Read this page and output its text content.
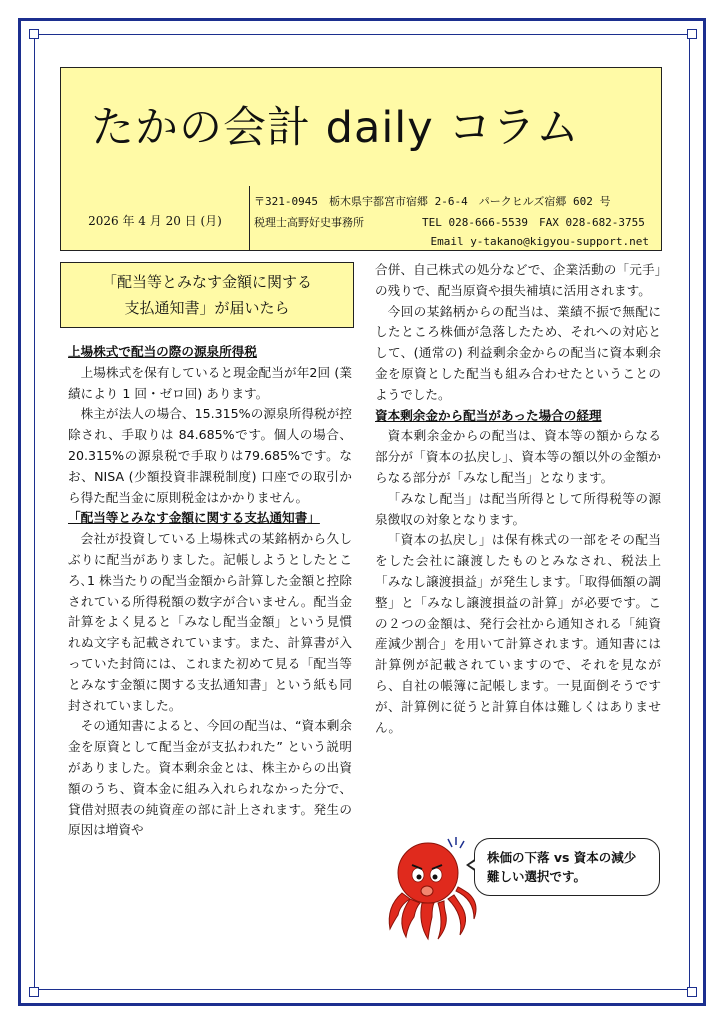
たかの会計 daily コラム
2026 年 4 月 20 日 (月)
〒321-0945　栃木県宇都宮市宿郷 2-6-4　パークヒルズ宿郷 602 号
税理士高野好史事務所	TEL 028-666-5539　FAX 028-682-3755
Email y-takano@kigyou-support.net
「配当等とみなす金額に関する
支払通知書」が届いたら
上場株式で配当の際の源泉所得税

上場株式を保有していると現金配当が年2回 (業績により 1 回・ゼロ回) あります。

株主が法人の場合、15.315%の源泉所得税が控除され、手取りは 84.685%です。個人の場合、20.315%の源泉税で手取りは79.685%です。なお、NISA (少額投資非課税制度) 口座での取引から得た配当金に原則税金はかかりません。

「配当等とみなす金額に関する支払通知書」

会社が投資している上場株式の某銘柄から久しぶりに配当がありました。記帳しようとしたところ､1 株当たりの配当金額から計算した金額と控除されている所得税額の数字が合いません。配当金計算をよく見ると「みなし配当金額」という見慣れぬ文字も記載されています。また、計算書が入っていた封筒には、これまた初めて見る「配当等とみなす金額に関する支払通知書」という紙も同封されていました。

その通知書によると、今回の配当は、“資本剰余金を原資として配当金が支払われた” という説明がありました。資本剰余金とは、株主からの出資額のうち、資本金に組み入れられなかった分で、貸借対照表の純資産の部に計上されます。発生の原因は増資や

合併、自己株式の処分などで、企業活動の「元手」の残りで、配当原資や損失補填に活用されます。

今回の某銘柄からの配当は、業績不振で無配にしたところ株価が急落したため、それへの対応として、(通常の) 利益剰余金からの配当に資本剰余金を原資とした配当も組み合わせたということのようでした。

資本剰余金から配当があった場合の経理

資本剰余金からの配当は、資本等の額からなる部分が「資本の払戻し」、資本等の額以外の金額からなる部分が「みなし配当」となります。

「みなし配当」は配当所得として所得税等の源泉徴収の対象となります。

「資本の払戻し」は保有株式の一部をその配当をした会社に譲渡したものとみなされ、税法上「みなし譲渡損益」が発生します。「取得価額の調整」と「みなし譲渡損益の計算」が必要です。この２つの金額は、発行会社から通知される「純資産減少割合」を用いて計算されます。通知書には計算例が記載されていますので、それを見ながら、自社の帳簿に記帳します。一見面倒そうですが、計算例に従うと計算自体は難しくはありません。

株価の下落 vs 資本の減少
難しい選択です。
